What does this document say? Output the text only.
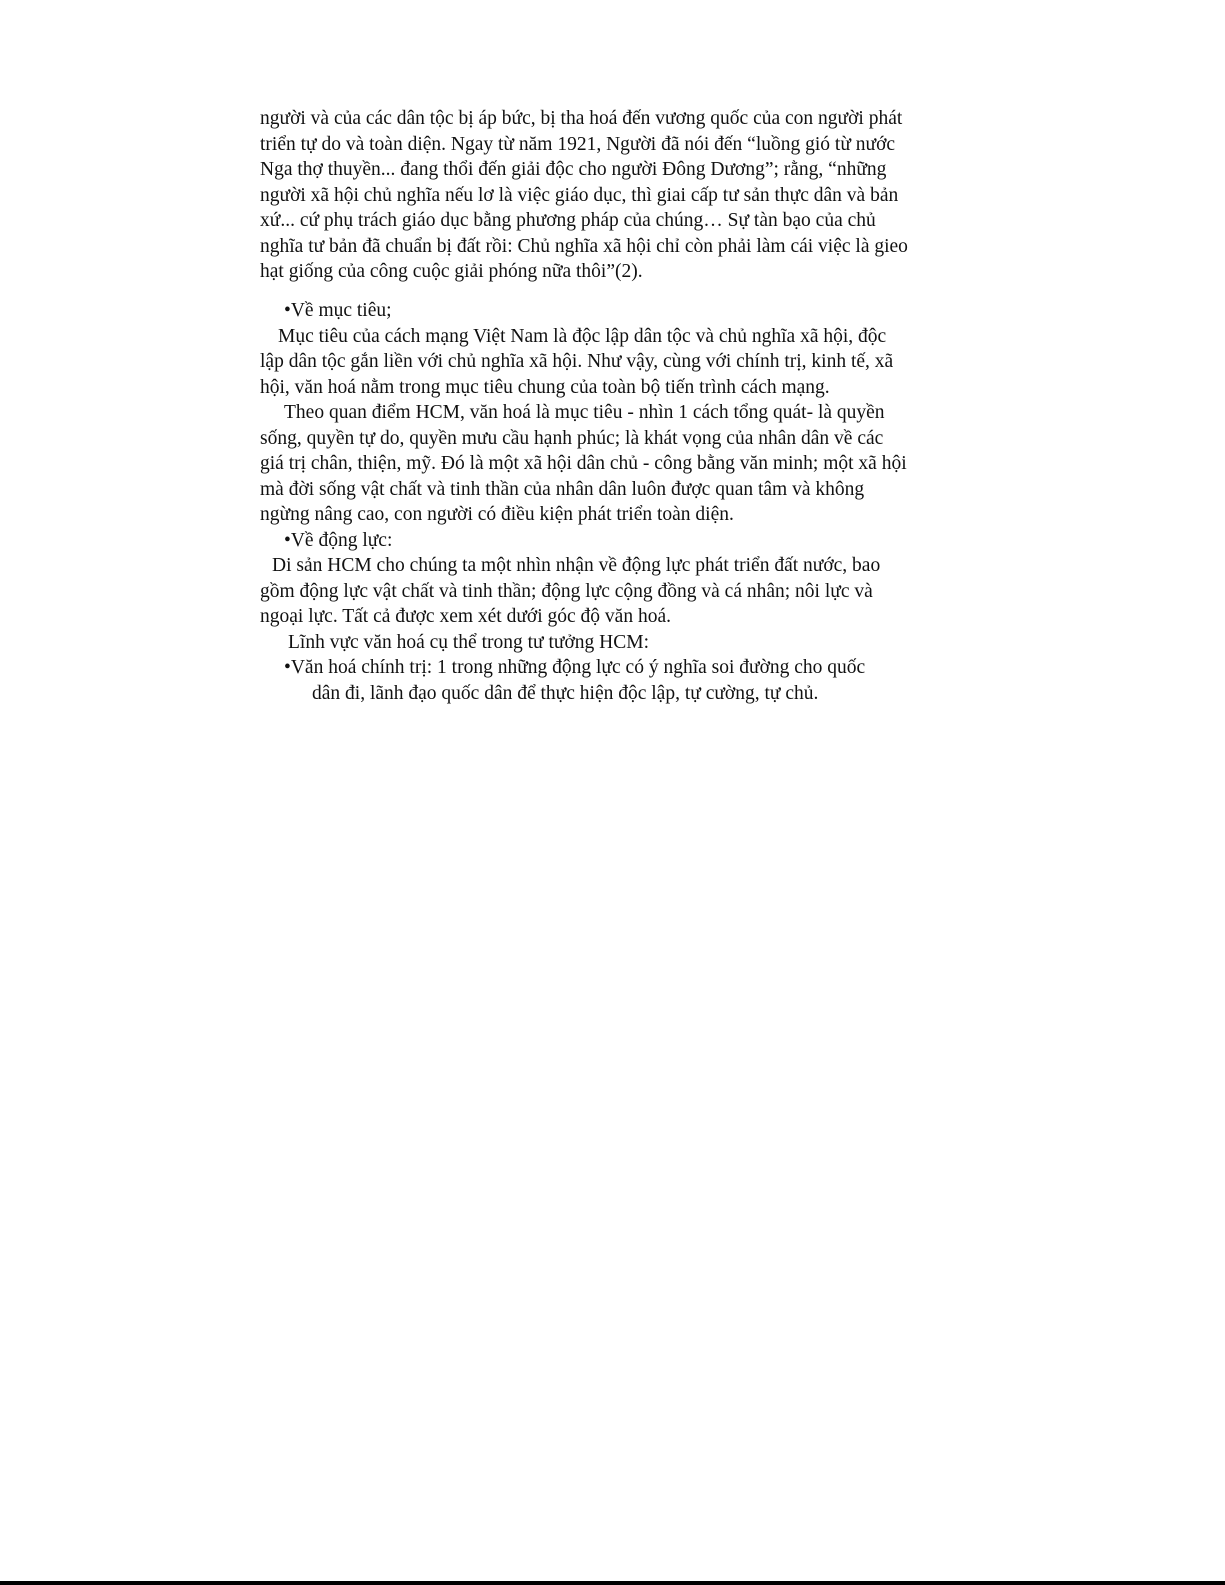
người và của các dân tộc bị áp bức, bị tha hoá đến vương quốc của con người phát
triển tự do và toàn diện. Ngay từ năm 1921, Người đã nói đến “luồng gió từ nước
Nga thợ thuyền... đang thổi đến giải độc cho người Đông Dương”; rằng, “những
người xã hội chủ nghĩa nếu lơ là việc giáo dục, thì giai cấp tư sản thực dân và bản
xứ... cứ phụ trách giáo dục bằng phương pháp của chúng… Sự tàn bạo của chủ
nghĩa tư bản đã chuẩn bị đất rồi: Chủ nghĩa xã hội chỉ còn phải làm cái việc là gieo
hạt giống của công cuộc giải phóng nữa thôi”(2).
•Về mục tiêu;
Mục tiêu của cách mạng Việt Nam là độc lập dân tộc và chủ nghĩa xã hội, độc
lập dân tộc gắn liền với chủ nghĩa xã hội. Như vậy, cùng với chính trị, kinh tế, xã
hội, văn hoá nằm trong mục tiêu chung của toàn bộ tiến trình cách mạng.
Theo quan điểm HCM, văn hoá là mục tiêu - nhìn 1 cách tổng quát- là quyền
sống, quyền tự do, quyền mưu cầu hạnh phúc; là khát vọng của nhân dân về các
giá trị chân, thiện, mỹ. Đó là một xã hội dân chủ - công bằng văn minh; một xã hội
mà đời sống vật chất và tinh thần của nhân dân luôn được quan tâm và không
ngừng nâng cao, con người có điều kiện phát triển toàn diện.
•Về động lực:
Di sản HCM cho chúng ta một nhìn nhận về động lực phát triển đất nước, bao
gồm động lực vật chất và tinh thần; động lực cộng đồng và cá nhân; nôi lực và
ngoại lực. Tất cả được xem xét dưới góc độ văn hoá.
Lĩnh vực văn hoá cụ thể trong tư tưởng HCM:
•Văn hoá chính trị: 1 trong những động lực có ý nghĩa soi đường cho quốc
dân đi, lãnh đạo quốc dân để thực hiện độc lập, tự cường, tự chủ.
